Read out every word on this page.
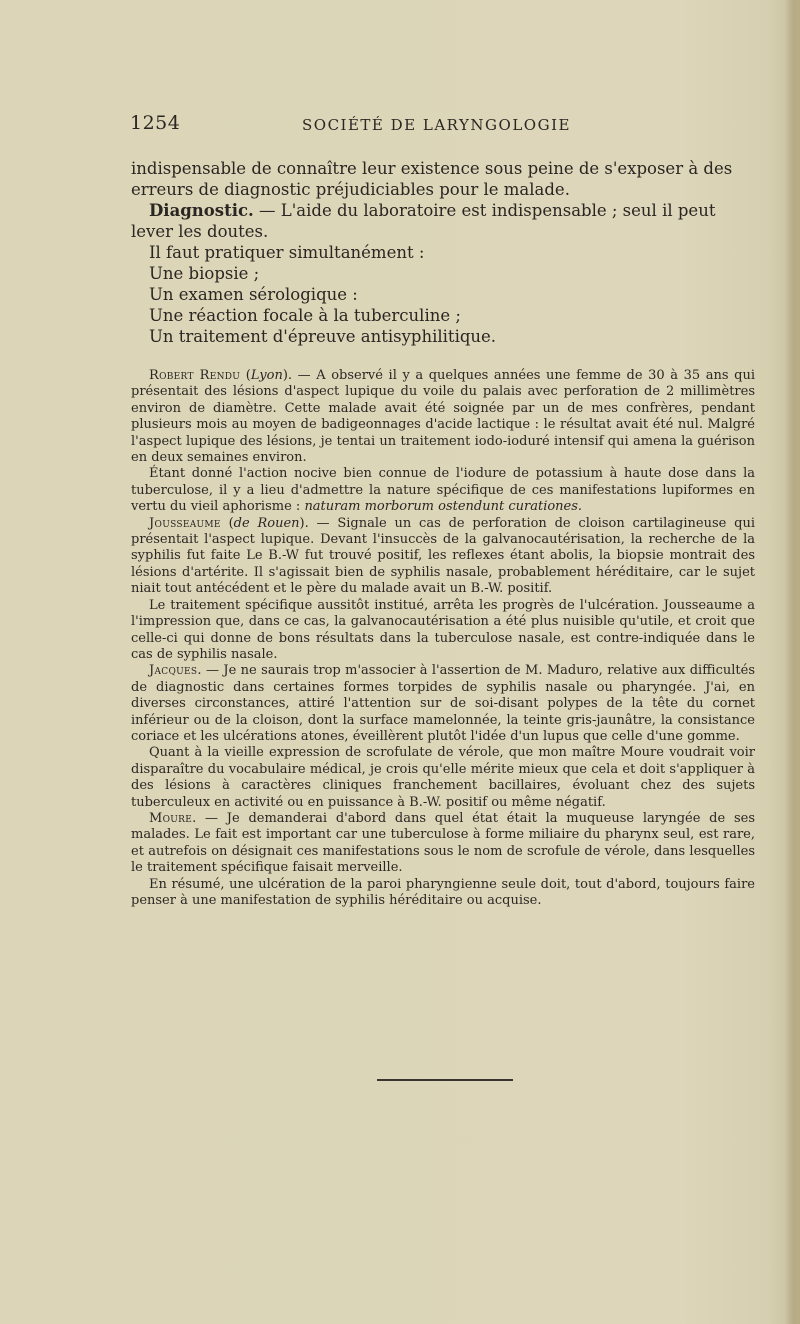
1254	SOCIÉTÉ DE LARYNGOLOGIE

indispensable de connaître leur existence sous peine de s'exposer à des

erreurs de diagnostic préjudiciables pour le malade.

Diagnostic. — L'aide du laboratoire est indispensable ; seul il peut

lever les doutes.

Il faut pratiquer simultanément :

Une biopsie ;

Un examen sérologique :

Une réaction focale à la tuberculine ;

Un traitement d'épreuve antisyphilitique.

Robert Rendu (Lyon). — A observé il y a quelques années une femme de 30 à 35 ans qui présentait des lésions d'aspect lupique du voile du palais avec perforation de 2 millimètres environ de diamètre. Cette malade avait été soignée par un de mes confrères, pendant plusieurs mois au moyen de badigeonnages d'acide lactique : le résultat avait été nul. Malgré l'aspect lupique des lésions, je tentai un traitement iodo-ioduré intensif qui amena la guérison en deux semaines environ.

Étant donné l'action nocive bien connue de l'iodure de potassium à haute dose dans la tuberculose, il y a lieu d'admettre la nature spécifique de ces manifestations lupiformes en vertu du vieil aphorisme : naturam morborum ostendunt curationes.

Jousseaume (de Rouen). — Signale un cas de perforation de cloison cartilagineuse qui présentait l'aspect lupique. Devant l'insuccès de la galvanocautérisation, la recherche de la syphilis fut faite Le B.-W fut trouvé positif, les reflexes étant abolis, la biopsie montrait des lésions d'artérite. Il s'agissait bien de syphilis nasale, probablement héréditaire, car le sujet niait tout antécédent et le père du malade avait un B.-W. positif.

Le traitement spécifique aussitôt institué, arrêta les progrès de l'ulcération. Jousseaume a l'impression que, dans ce cas, la galvanocautérisation a été plus nuisible qu'utile, et croit que celle-ci qui donne de bons résultats dans la tuberculose nasale, est contre-indiquée dans le cas de syphilis nasale.

Jacques. — Je ne saurais trop m'associer à l'assertion de M. Maduro, relative aux difficultés de diagnostic dans certaines formes torpides de syphilis nasale ou pharyngée. J'ai, en diverses circonstances, attiré l'attention sur de soi-disant polypes de la tête du cornet inférieur ou de la cloison, dont la surface mamelonnée, la teinte gris-jaunâtre, la consistance coriace et les ulcérations atones, éveillèrent plutôt l'idée d'un lupus que celle d'une gomme.

Quant à la vieille expression de scrofulate de vérole, que mon maître Moure voudrait voir disparaître du vocabulaire médical, je crois qu'elle mérite mieux que cela et doit s'appliquer à des lésions à caractères cliniques franchement bacillaires, évoluant chez des sujets tuberculeux en activité ou en puissance à B.-W. positif ou même négatif.

Moure. — Je demanderai d'abord dans quel état était la muqueuse laryngée de ses malades. Le fait est important car une tuberculose à forme miliaire du pharynx seul, est rare, et autrefois on désignait ces manifestations sous le nom de scrofule de vérole, dans lesquelles le traitement spécifique faisait merveille.

En résumé, une ulcération de la paroi pharyngienne seule doit, tout d'abord, toujours faire penser à une manifestation de syphilis héréditaire ou acquise.
